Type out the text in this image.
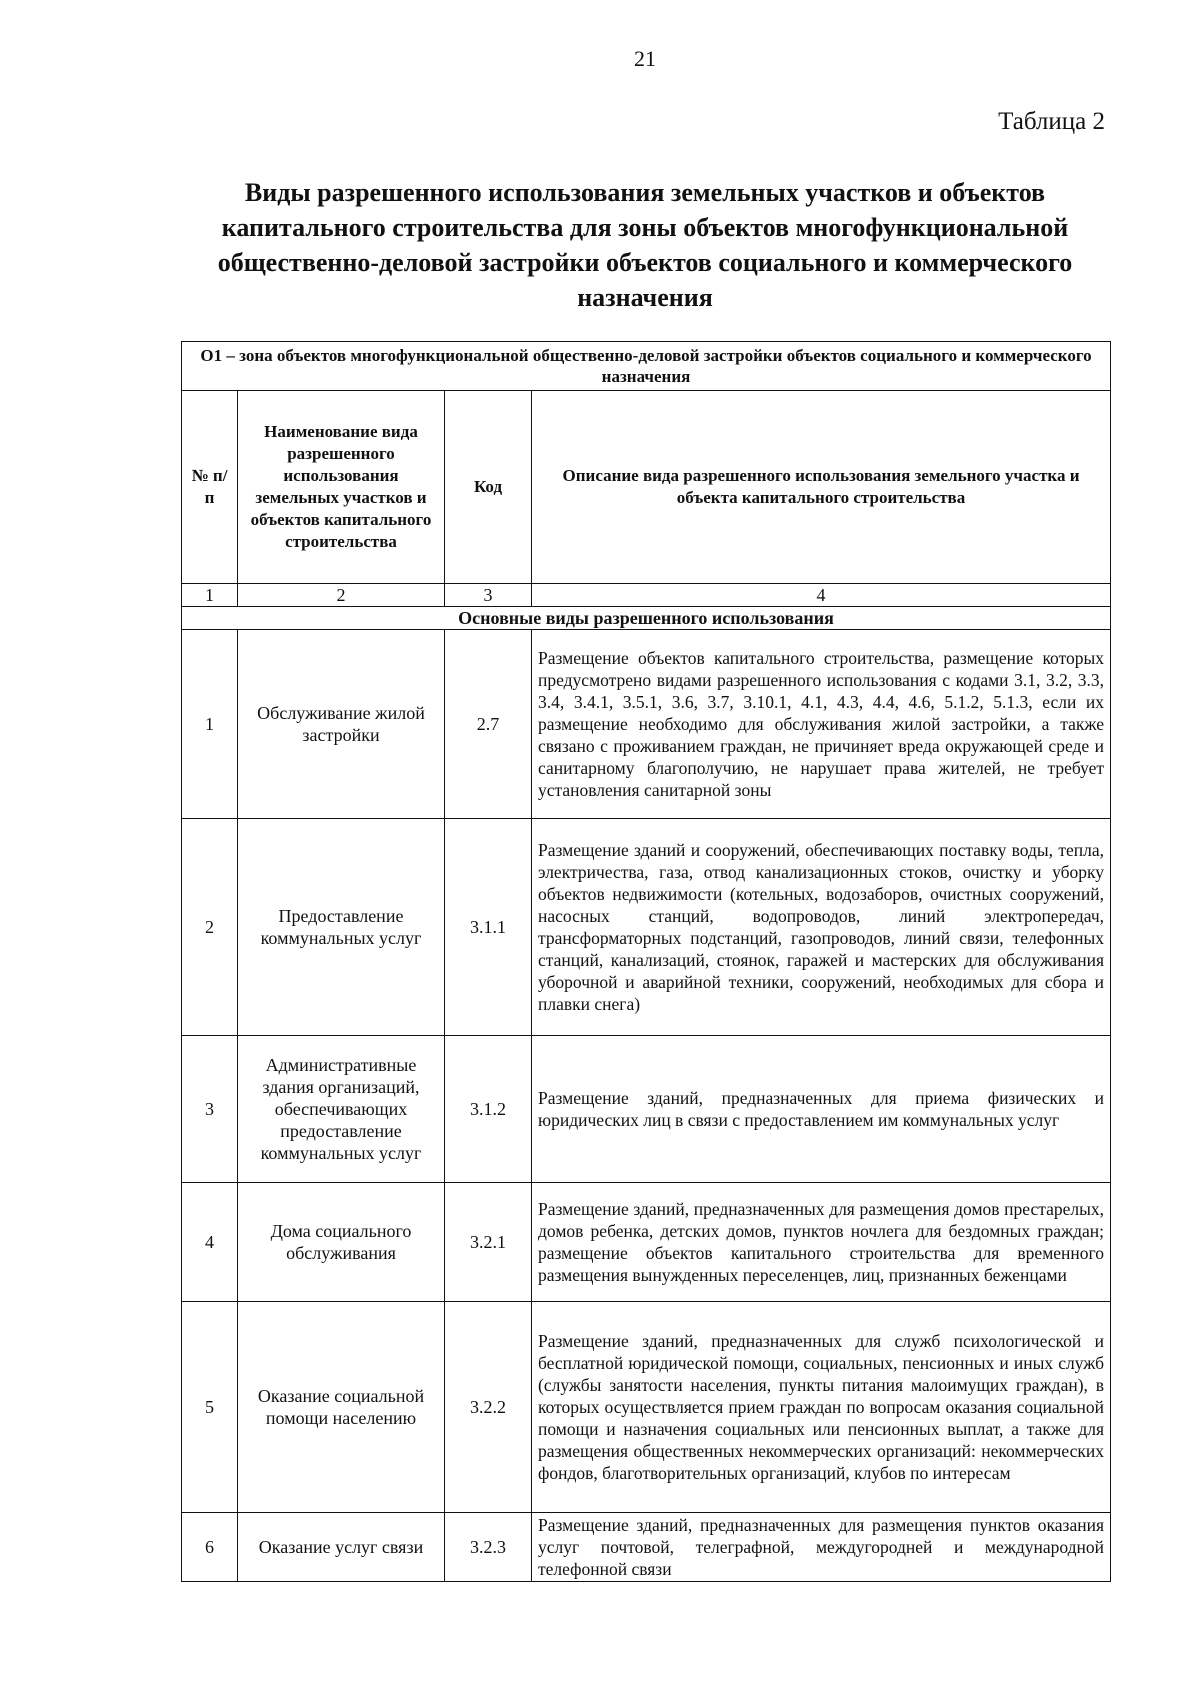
21
Таблица 2
Виды разрешенного использования земельных участков и объектов капитального строительства для зоны объектов многофункциональной общественно-деловой застройки объектов социального и коммерческого назначения
О1 – зона объектов многофункциональной общественно-деловой застройки объектов социального и коммерческого назначения			
№ п/п	Наименование вида разрешенного использования земельных участков и объектов капитального строительства	Код	Описание вида разрешенного использования земельного участка и объекта капитального строительства
1	2	3	4
Основные виды разрешенного использования			
1	Обслуживание жилой застройки	2.7	Размещение объектов капитального строительства, размещение которых предусмотрено видами разрешенного использования с кодами 3.1, 3.2, 3.3, 3.4, 3.4.1, 3.5.1, 3.6, 3.7, 3.10.1, 4.1, 4.3, 4.4, 4.6, 5.1.2, 5.1.3, если их размещение необходимо для обслуживания жилой застройки, а также связано с проживанием граждан, не причиняет вреда окружающей среде и санитарному благополучию, не нарушает права жителей, не требует установления санитарной зоны
2	Предоставление коммунальных услуг	3.1.1	Размещение зданий и сооружений, обеспечивающих поставку воды, тепла, электричества, газа, отвод канализационных стоков, очистку и уборку объектов недвижимости (котельных, водозаборов, очистных сооружений, насосных станций, водопроводов, линий электропередач, трансформаторных подстанций, газопроводов, линий связи, телефонных станций, канализаций, стоянок, гаражей и мастерских для обслуживания уборочной и аварийной техники, сооружений, необходимых для сбора и плавки снега)
3	Административные здания организаций, обеспечивающих предоставление коммунальных услуг	3.1.2	Размещение зданий, предназначенных для приема физических и юридических лиц в связи с предоставлением им коммунальных услуг
4	Дома социального обслуживания	3.2.1	Размещение зданий, предназначенных для размещения домов престарелых, домов ребенка, детских домов, пунктов ночлега для бездомных граждан; размещение объектов капитального строительства для временного размещения вынужденных переселенцев, лиц, признанных беженцами
5	Оказание социальной помощи населению	3.2.2	Размещение зданий, предназначенных для служб психологической и бесплатной юридической помощи, социальных, пенсионных и иных служб (службы занятости населения, пункты питания малоимущих граждан), в которых осуществляется прием граждан по вопросам оказания социальной помощи и назначения социальных или пенсионных выплат, а также для размещения общественных некоммерческих организаций: некоммерческих фондов, благотворительных организаций, клубов по интересам
6	Оказание услуг связи	3.2.3	Размещение зданий, предназначенных для размещения пунктов оказания услуг почтовой, телеграфной, междугородней и международной телефонной связи
